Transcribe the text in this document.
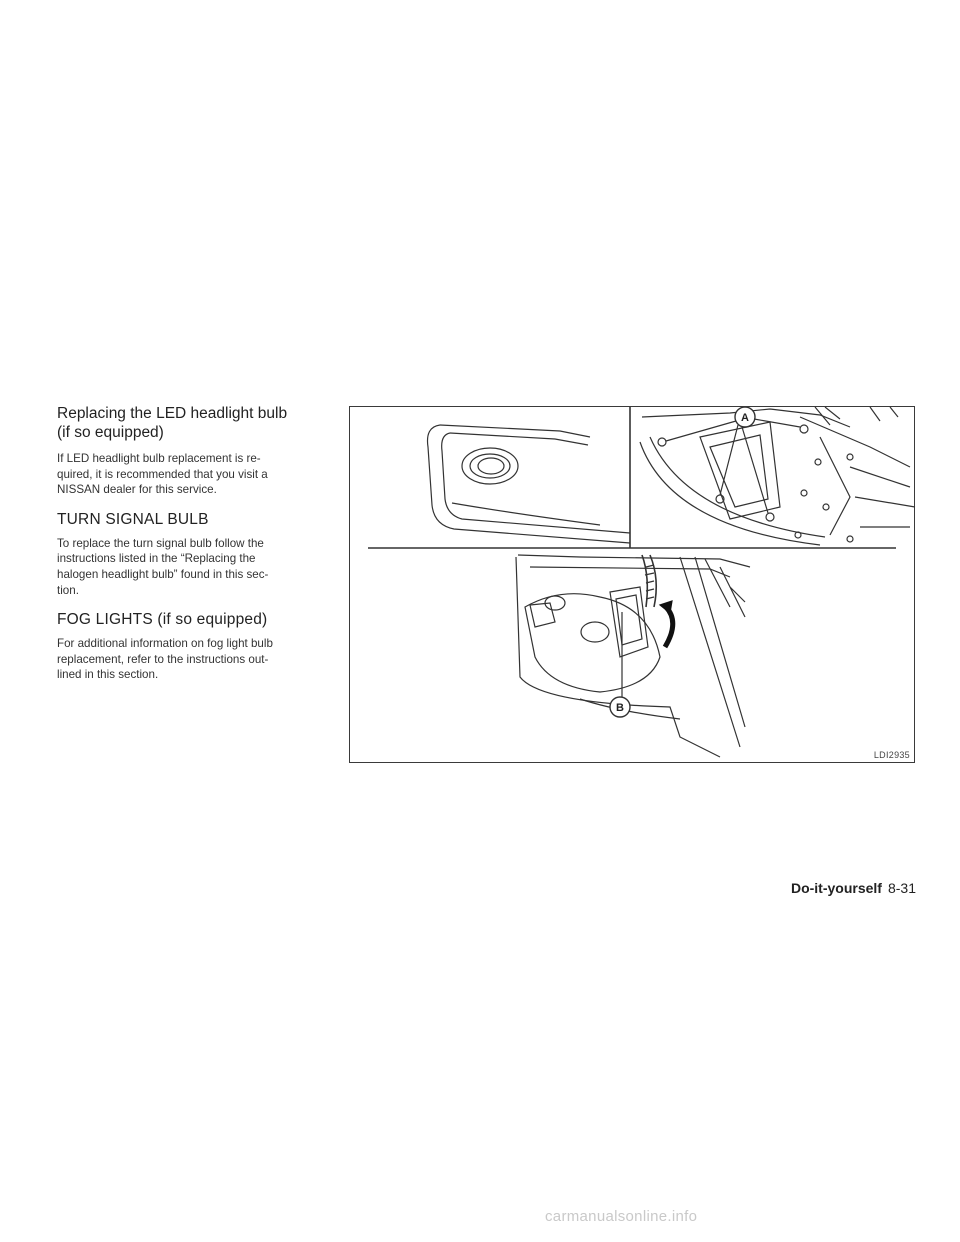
Replacing the LED headlight bulb
(if so equipped)

If LED headlight bulb replacement is re-
quired, it is recommended that you visit a
NISSAN dealer for this service.

TURN SIGNAL BULB

To replace the turn signal bulb follow the
instructions listed in the “Replacing the
halogen headlight bulb” found in this sec-
tion.

FOG LIGHTS (if so equipped)

For additional information on fog light bulb
replacement, refer to the instructions out-
lined in this section.

A
B
LDI2935
Do-it-yourself 8-31
carmanualsonline.info
